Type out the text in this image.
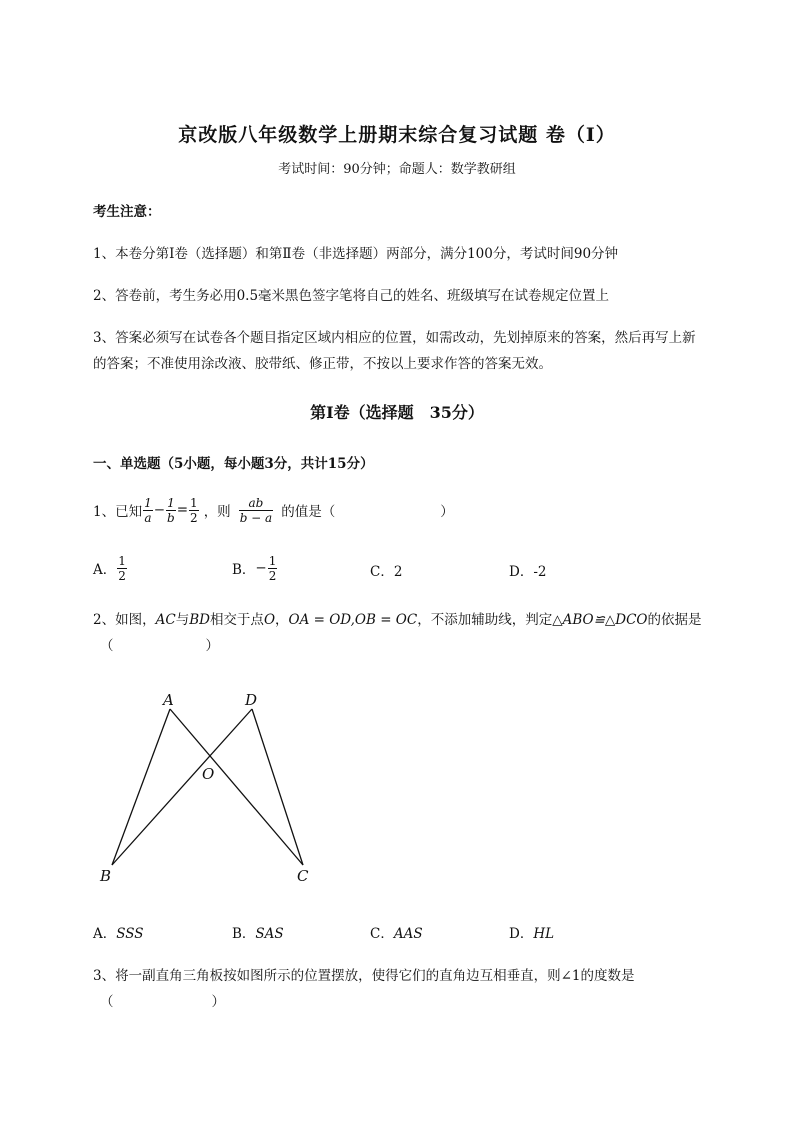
京改版八年级数学上册期末综合复习试题 卷（Ⅰ）
考试时间：90分钟；命题人：数学教研组
考生注意：
1、本卷分第I卷（选择题）和第Ⅱ卷（非选择题）两部分，满分100分，考试时间90分钟
2、答卷前，考生务必用0.5毫米黑色签字笔将自己的姓名、班级填写在试卷规定位置上
3、答案必须写在试卷各个题目指定区域内相应的位置，如需改动，先划掉原来的答案，然后再写上新
的答案；不准使用涂改液、胶带纸、修正带，不按以上要求作答的答案无效。
第I卷（选择题　35分）
一、单选题（5小题，每小题3分，共计15分）
1、已知 $\frac{1}{a} - \frac{1}{b} = \frac{1}{2}$ ，则 $\frac{ab}{b - a}$ 的值是（	）
A． $\frac{1}{2}$	B． − $\frac{1}{2}$	C．2	D．-2
2、如图，AC与BD相交于点O，OA = OD,OB = OC，不添加辅助线，判定△ABO≌△DCO的依据是
（	）
A	D
O
B	C
A．SSS	B．SAS	C．AAS	D．HL
3、将一副直角三角板按如图所示的位置摆放，使得它们的直角边互相垂直，则∠1的度数是
（	）
